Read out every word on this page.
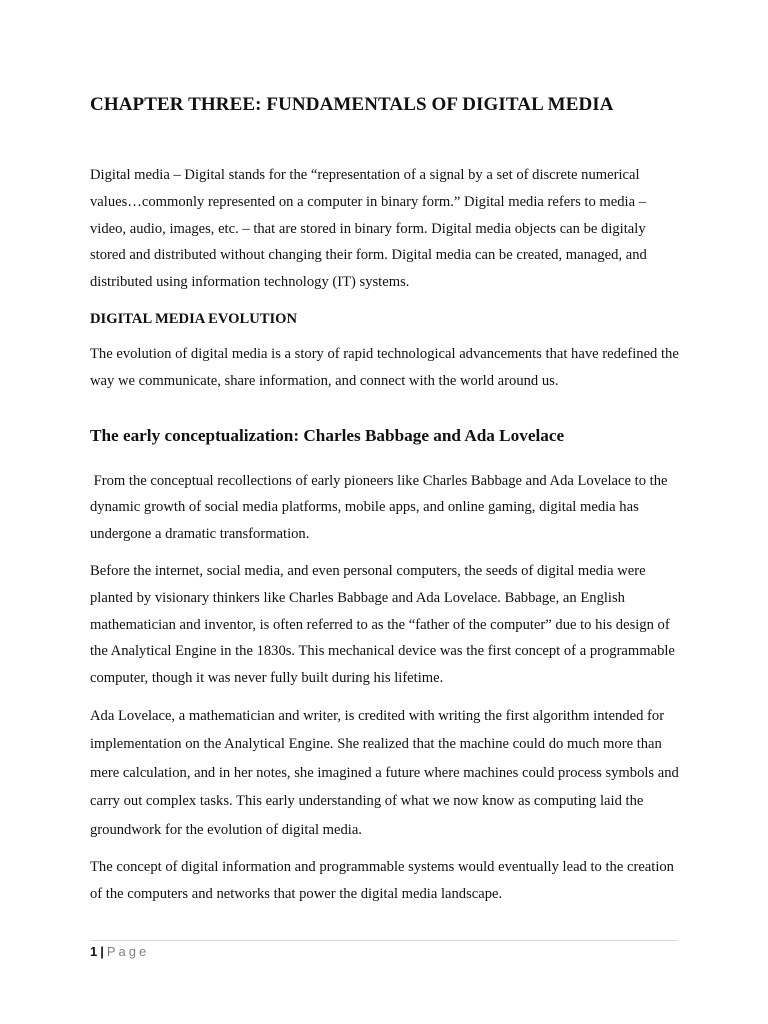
CHAPTER THREE: FUNDAMENTALS OF DIGITAL MEDIA

Digital media – Digital stands for the “representation of a signal by a set of discrete numerical values…commonly represented on a computer in binary form.” Digital media refers to media – video, audio, images, etc. – that are stored in binary form. Digital media objects can be digitaly stored and distributed without changing their form. Digital media can be created, managed, and distributed using information technology (IT) systems.

DIGITAL MEDIA EVOLUTION

The evolution of digital media is a story of rapid technological advancements that have redefined the way we communicate, share information, and connect with the world around us.

The early conceptualization: Charles Babbage and Ada Lovelace

From the conceptual recollections of early pioneers like Charles Babbage and Ada Lovelace to the dynamic growth of social media platforms, mobile apps, and online gaming, digital media has undergone a dramatic transformation.

Before the internet, social media, and even personal computers, the seeds of digital media were planted by visionary thinkers like Charles Babbage and Ada Lovelace. Babbage, an English mathematician and inventor, is often referred to as the “father of the computer” due to his design of the Analytical Engine in the 1830s. This mechanical device was the first concept of a programmable computer, though it was never fully built during his lifetime.

Ada Lovelace, a mathematician and writer, is credited with writing the first algorithm intended for implementation on the Analytical Engine. She realized that the machine could do much more than mere calculation, and in her notes, she imagined a future where machines could process symbols and carry out complex tasks. This early understanding of what we now know as computing laid the groundwork for the evolution of digital media.

The concept of digital information and programmable systems would eventually lead to the creation of the computers and networks that power the digital media landscape.

1 | Page
